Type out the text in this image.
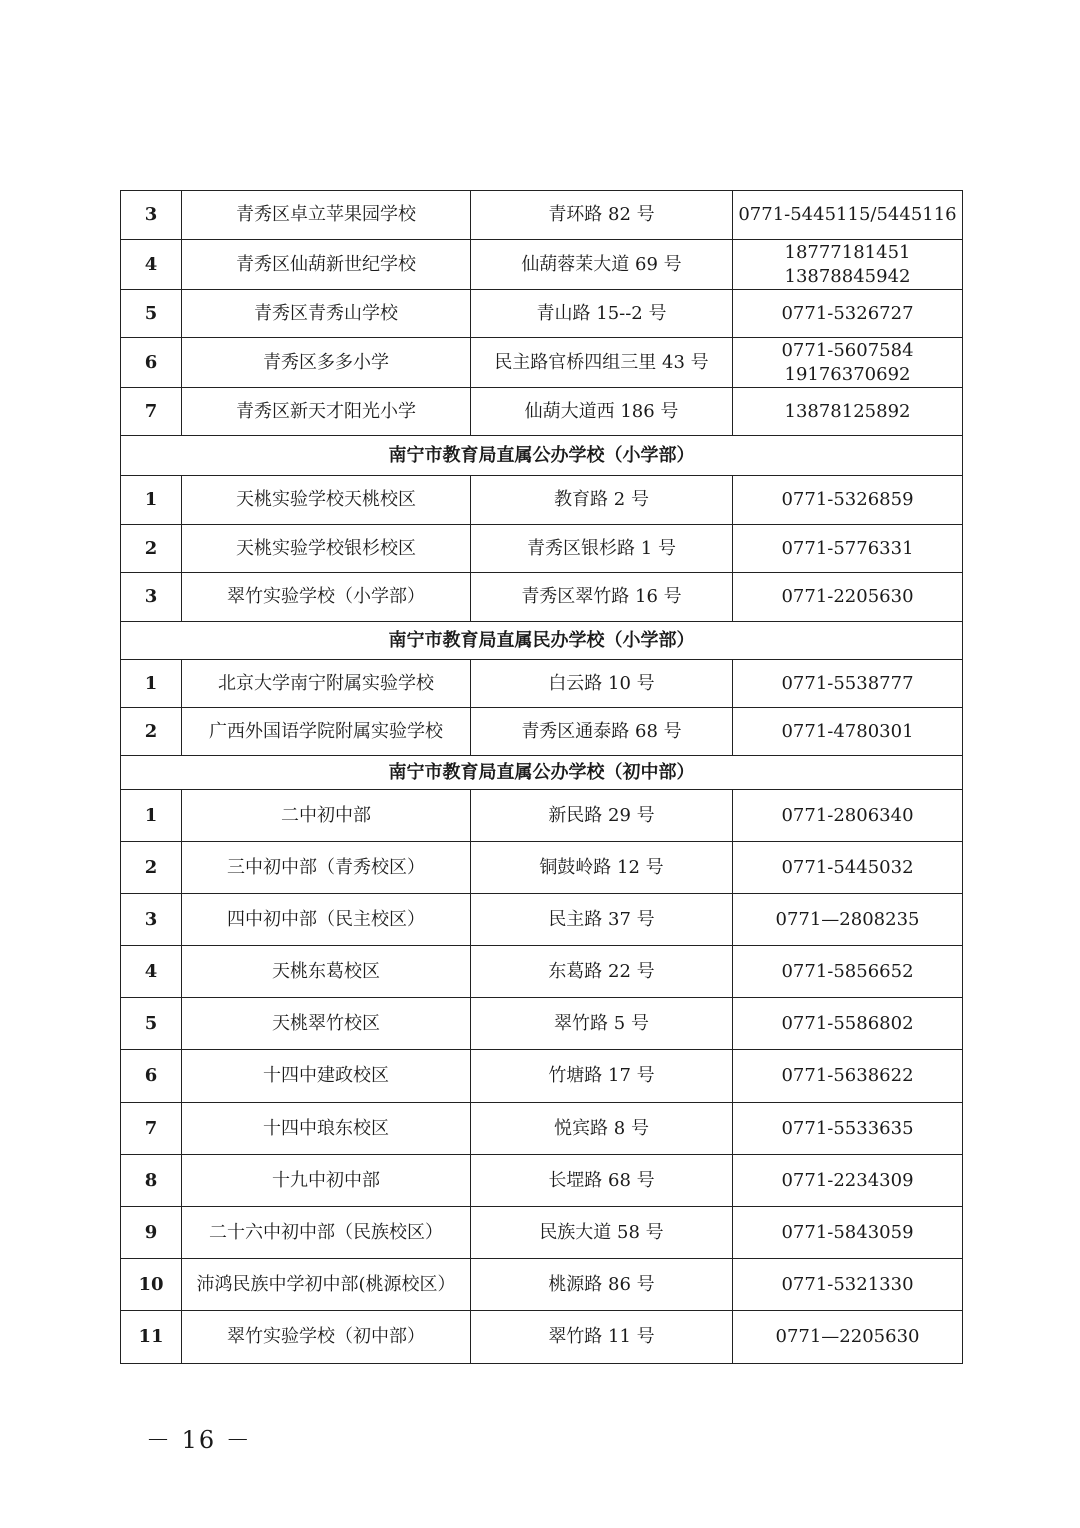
3	青秀区卓立苹果园学校	青环路 82 号	0771-5445115/5445116

4	青秀区仙葫新世纪学校	仙葫蓉茉大道 69 号	18777181451
13878845942

5	青秀区青秀山学校	青山路 15--2 号	0771-5326727

6	青秀区多多小学	民主路官桥四组三里 43 号	0771-5607584
19176370692

7	青秀区新天才阳光小学	仙葫大道西 186 号	13878125892

南宁市教育局直属公办学校（小学部）			
1	天桃实验学校天桃校区	教育路 2 号	0771-5326859

2	天桃实验学校银杉校区	青秀区银杉路 1 号	0771-5776331

3	翠竹实验学校（小学部）	青秀区翠竹路 16 号	0771-2205630

南宁市教育局直属民办学校（小学部）			
1	北京大学南宁附属实验学校	白云路 10 号	0771-5538777

2	广西外国语学院附属实验学校	青秀区通泰路 68 号	0771-4780301

南宁市教育局直属公办学校（初中部）			
1	二中初中部	新民路 29 号	0771-2806340

2	三中初中部（青秀校区）	铜鼓岭路 12 号	0771-5445032

3	四中初中部（民主校区）	民主路 37 号	0771—2808235

4	天桃东葛校区	东葛路 22 号	0771-5856652

5	天桃翠竹校区	翠竹路 5 号	0771-5586802

6	十四中建政校区	竹塘路 17 号	0771-5638622

7	十四中琅东校区	悦宾路 8 号	0771-5533635

8	十九中初中部	长堽路 68 号	0771-2234309

9	二十六中初中部（民族校区）	民族大道 58 号	0771-5843059

10	沛鸿民族中学初中部(桃源校区）	桃源路 86 号	0771-5321330

11	翠竹实验学校（初中部）	翠竹路 11 号	0771—2205630
－ 16 －
